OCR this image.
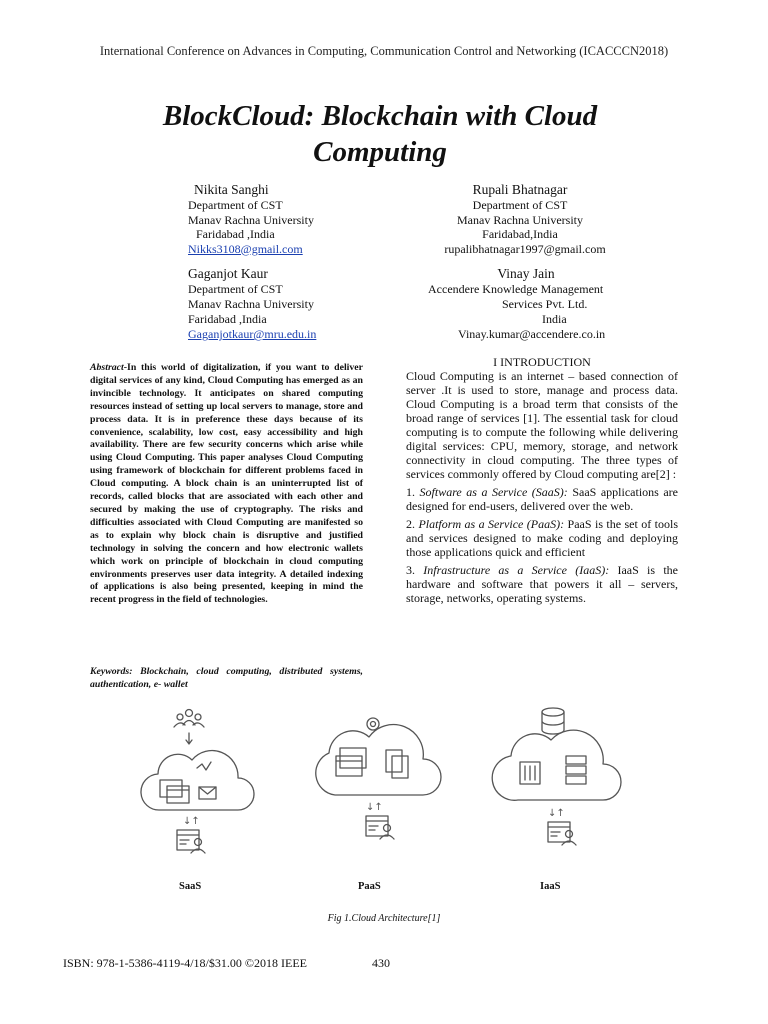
International Conference on Advances in Computing, Communication Control and Networking (ICACCCN2018)
BlockCloud: Blockchain with Cloud
Computing
Nikita Sanghi
Department of CST
Manav Rachna University
Faridabad ,India
Nikks3108@gmail.com
Rupali Bhatnagar
Department of CST
Manav Rachna University
Faridabad,India
rupalibhatnagar1997@gmail.com
Gaganjot Kaur
Department of CST
Manav Rachna University
Faridabad ,India
Gaganjotkaur@mru.edu.in
Vinay Jain
Accendere Knowledge Management
Services Pvt. Ltd.
India
Vinay.kumar@accendere.co.in
Abstract-In this world of digitalization, if you want to deliver digital services of any kind, Cloud Computing has emerged as an invincible technology. It anticipates on shared computing resources instead of setting up local servers to manage, store and process data. It is in preference these days because of its convenience, scalability, low cost, easy accessibility and high availability. There are few security concerns which arise while using Cloud Computing. This paper analyses Cloud Computing using framework of blockchain for different problems faced in Cloud computing. A block chain is an uninterrupted list of records, called blocks that are associated with each other and secured by making the use of cryptography. The risks and difficulties associated with Cloud Computing are manifested so as to explain why block chain is disruptive and justified technology in solving the concern and how electronic wallets which work on principle of blockchain in cloud computing environments preserves user data integrity. A detailed indexing of applications is also being presented, keeping in mind the recent progress in the field of technologies.
Keywords: Blockchain, cloud computing, distributed systems, authentication, e- wallet
I INTRODUCTION

Cloud Computing is an internet – based connection of server .It is used to store, manage and process data. Cloud Computing is a broad term that consists of the broad range of services [1]. The essential task for cloud computing is to compute the following while delivering digital services: CPU, memory, storage, and network connectivity in cloud computing. The three types of services commonly offered by Cloud computing are[2] :

1. Software as a Service (SaaS): SaaS applications are designed for end-users, delivered over the web.

2. Platform as a Service (PaaS): PaaS is the set of tools and services designed to make coding and deploying those applications quick and efficient

3. Infrastructure as a Service (IaaS): IaaS is the hardware and software that powers it all – servers, storage, networks, operating systems.

↓↑
↓↑
↓↑
SaaS	PaaS	IaaS
Fig 1.Cloud Architecture[1]
ISBN: 978-1-5386-4119-4/18/$31.00 ©2018 IEEE	430
